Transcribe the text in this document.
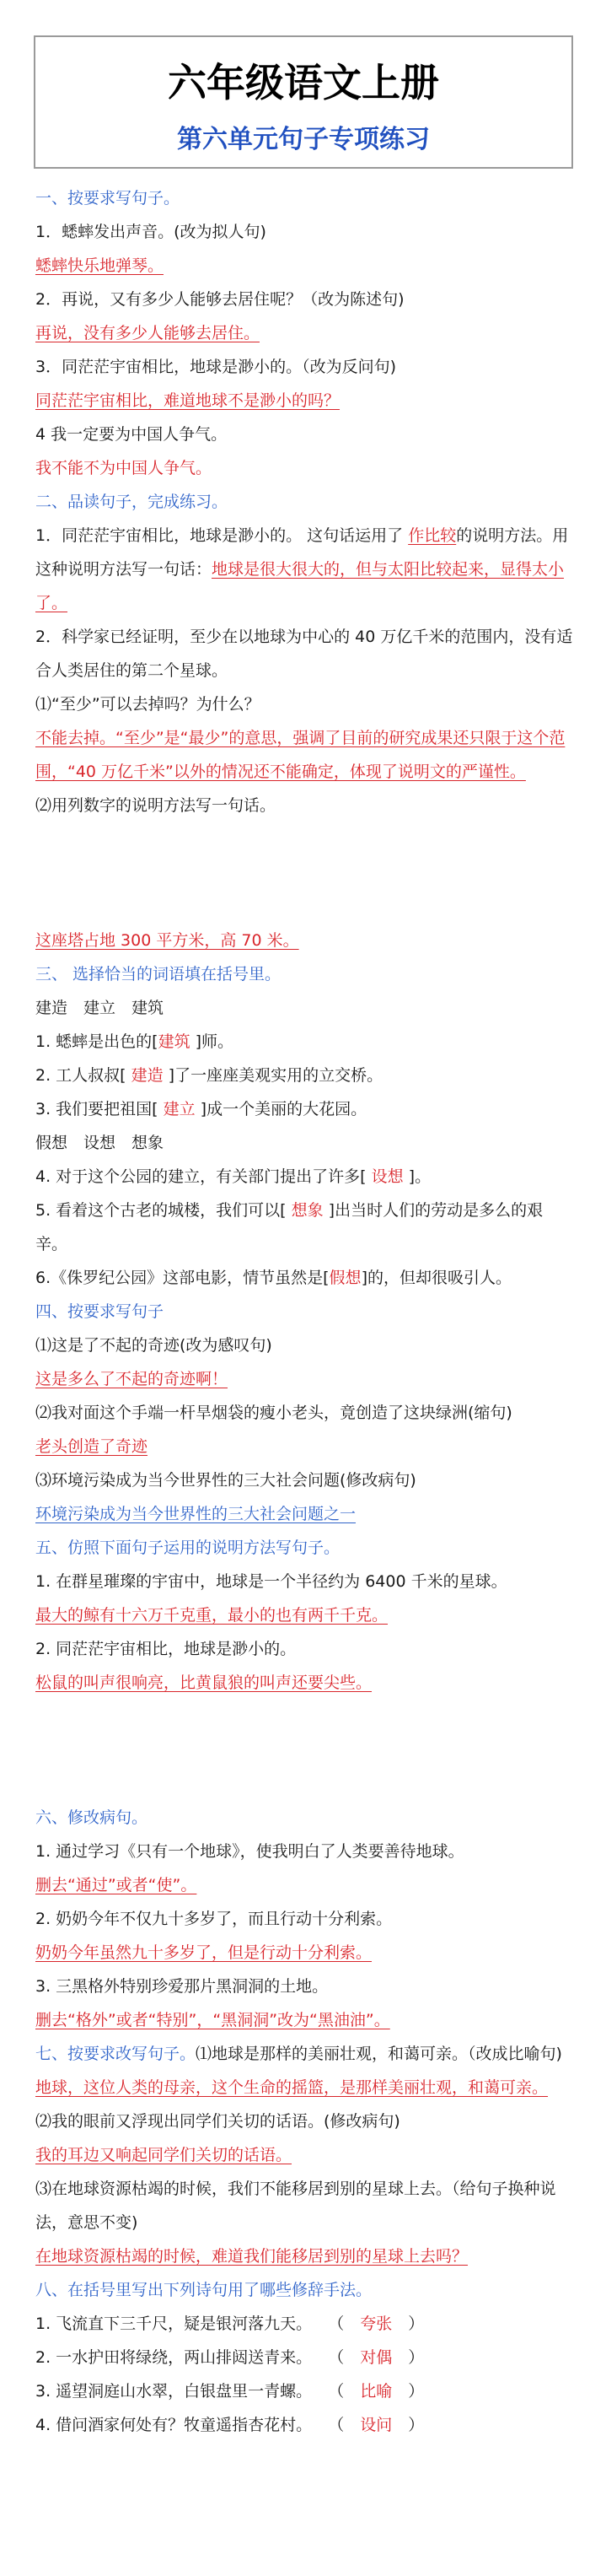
六年级语文上册
第六单元句子专项练习
一、按要求写句子。
1．蟋蟀发出声音。(改为拟人句)
蟋蟀快乐地弹琴。
2．再说，又有多少人能够去居住呢？（改为陈述句)
再说，没有多少人能够去居住。
3．同茫茫宇宙相比，地球是渺小的。（改为反问句)
同茫茫宇宙相比，难道地球不是渺小的吗？
4 我一定要为中国人争气。
我不能不为中国人争气。
二、品读句子，完成练习。
1．同茫茫宇宙相比，地球是渺小的。 这句话运用了 作比较的说明方法。用这种说明方法写一句话：地球是很大很大的，但与太阳比较起来，显得太小了。
2．科学家已经证明，至少在以地球为中心的 40 万亿千米的范围内，没有适合人类居住的第二个星球。
⑴“至少”可以去掉吗？为什么？
不能去掉。“至少”是“最少”的意思，强调了目前的研究成果还只限于这个范围，“40 万亿千米”以外的情况还不能确定，体现了说明文的严谨性。
⑵用列数字的说明方法写一句话。
这座塔占地 300 平方米，高 70 米。
三、 选择恰当的词语填在括号里。
建造　建立　建筑
1. 蟋蟀是出色的[建筑 ]师。
2. 工人叔叔[ 建造 ]了一座座美观实用的立交桥。
3. 我们要把祖国[ 建立 ]成一个美丽的大花园。
假想　设想　想象
4. 对于这个公园的建立，有关部门提出了许多[ 设想 ]。
5. 看着这个古老的城楼，我们可以[ 想象 ]出当时人们的劳动是多么的艰辛。
6.《侏罗纪公园》这部电影，情节虽然是[假想]的，但却很吸引人。
四、按要求写句子
⑴这是了不起的奇迹(改为感叹句)
这是多么了不起的奇迹啊！
⑵我对面这个手端一杆旱烟袋的瘦小老头，竟创造了这块绿洲(缩句)
老头创造了奇迹
⑶环境污染成为当今世界性的三大社会问题(修改病句)
环境污染成为当今世界性的三大社会问题之一
五、仿照下面句子运用的说明方法写句子。
1. 在群星璀璨的宇宙中，地球是一个半径约为 6400 千米的星球。
最大的鲸有十六万千克重，最小的也有两千千克。
2. 同茫茫宇宙相比，地球是渺小的。
松鼠的叫声很响亮，比黄鼠狼的叫声还要尖些。
六、修改病句。
1. 通过学习《只有一个地球》，使我明白了人类要善待地球。
删去“通过”或者“使”。
2. 奶奶今年不仅九十多岁了，而且行动十分利索。
奶奶今年虽然九十多岁了，但是行动十分利索。
3. 三黑格外特别珍爱那片黑洞洞的土地。
删去“格外”或者“特别”，“黑洞洞”改为“黑油油”。
七、按要求改写句子。⑴地球是那样的美丽壮观，和蔼可亲。（改成比喻句)
地球，这位人类的母亲，这个生命的摇篮，是那样美丽壮观，和蔼可亲。
⑵我的眼前又浮现出同学们关切的话语。(修改病句)
我的耳边又响起同学们关切的话语。
⑶在地球资源枯竭的时候，我们不能移居到别的星球上去。（给句子换种说法，意思不变)
在地球资源枯竭的时候，难道我们能移居到别的星球上去吗？
八、在括号里写出下列诗句用了哪些修辞手法。
1. 飞流直下三千尺，疑是银河落九天。　　 （　 夸张　 ）
2. 一水护田将绿绕，两山排闼送青来。　　 （　 对偶　 ）
3. 遥望洞庭山水翠，白银盘里一青螺。　　 （　 比喻　 ）
4. 借问酒家何处有？牧童遥指杏花村。　　 （　 设问　 ）
